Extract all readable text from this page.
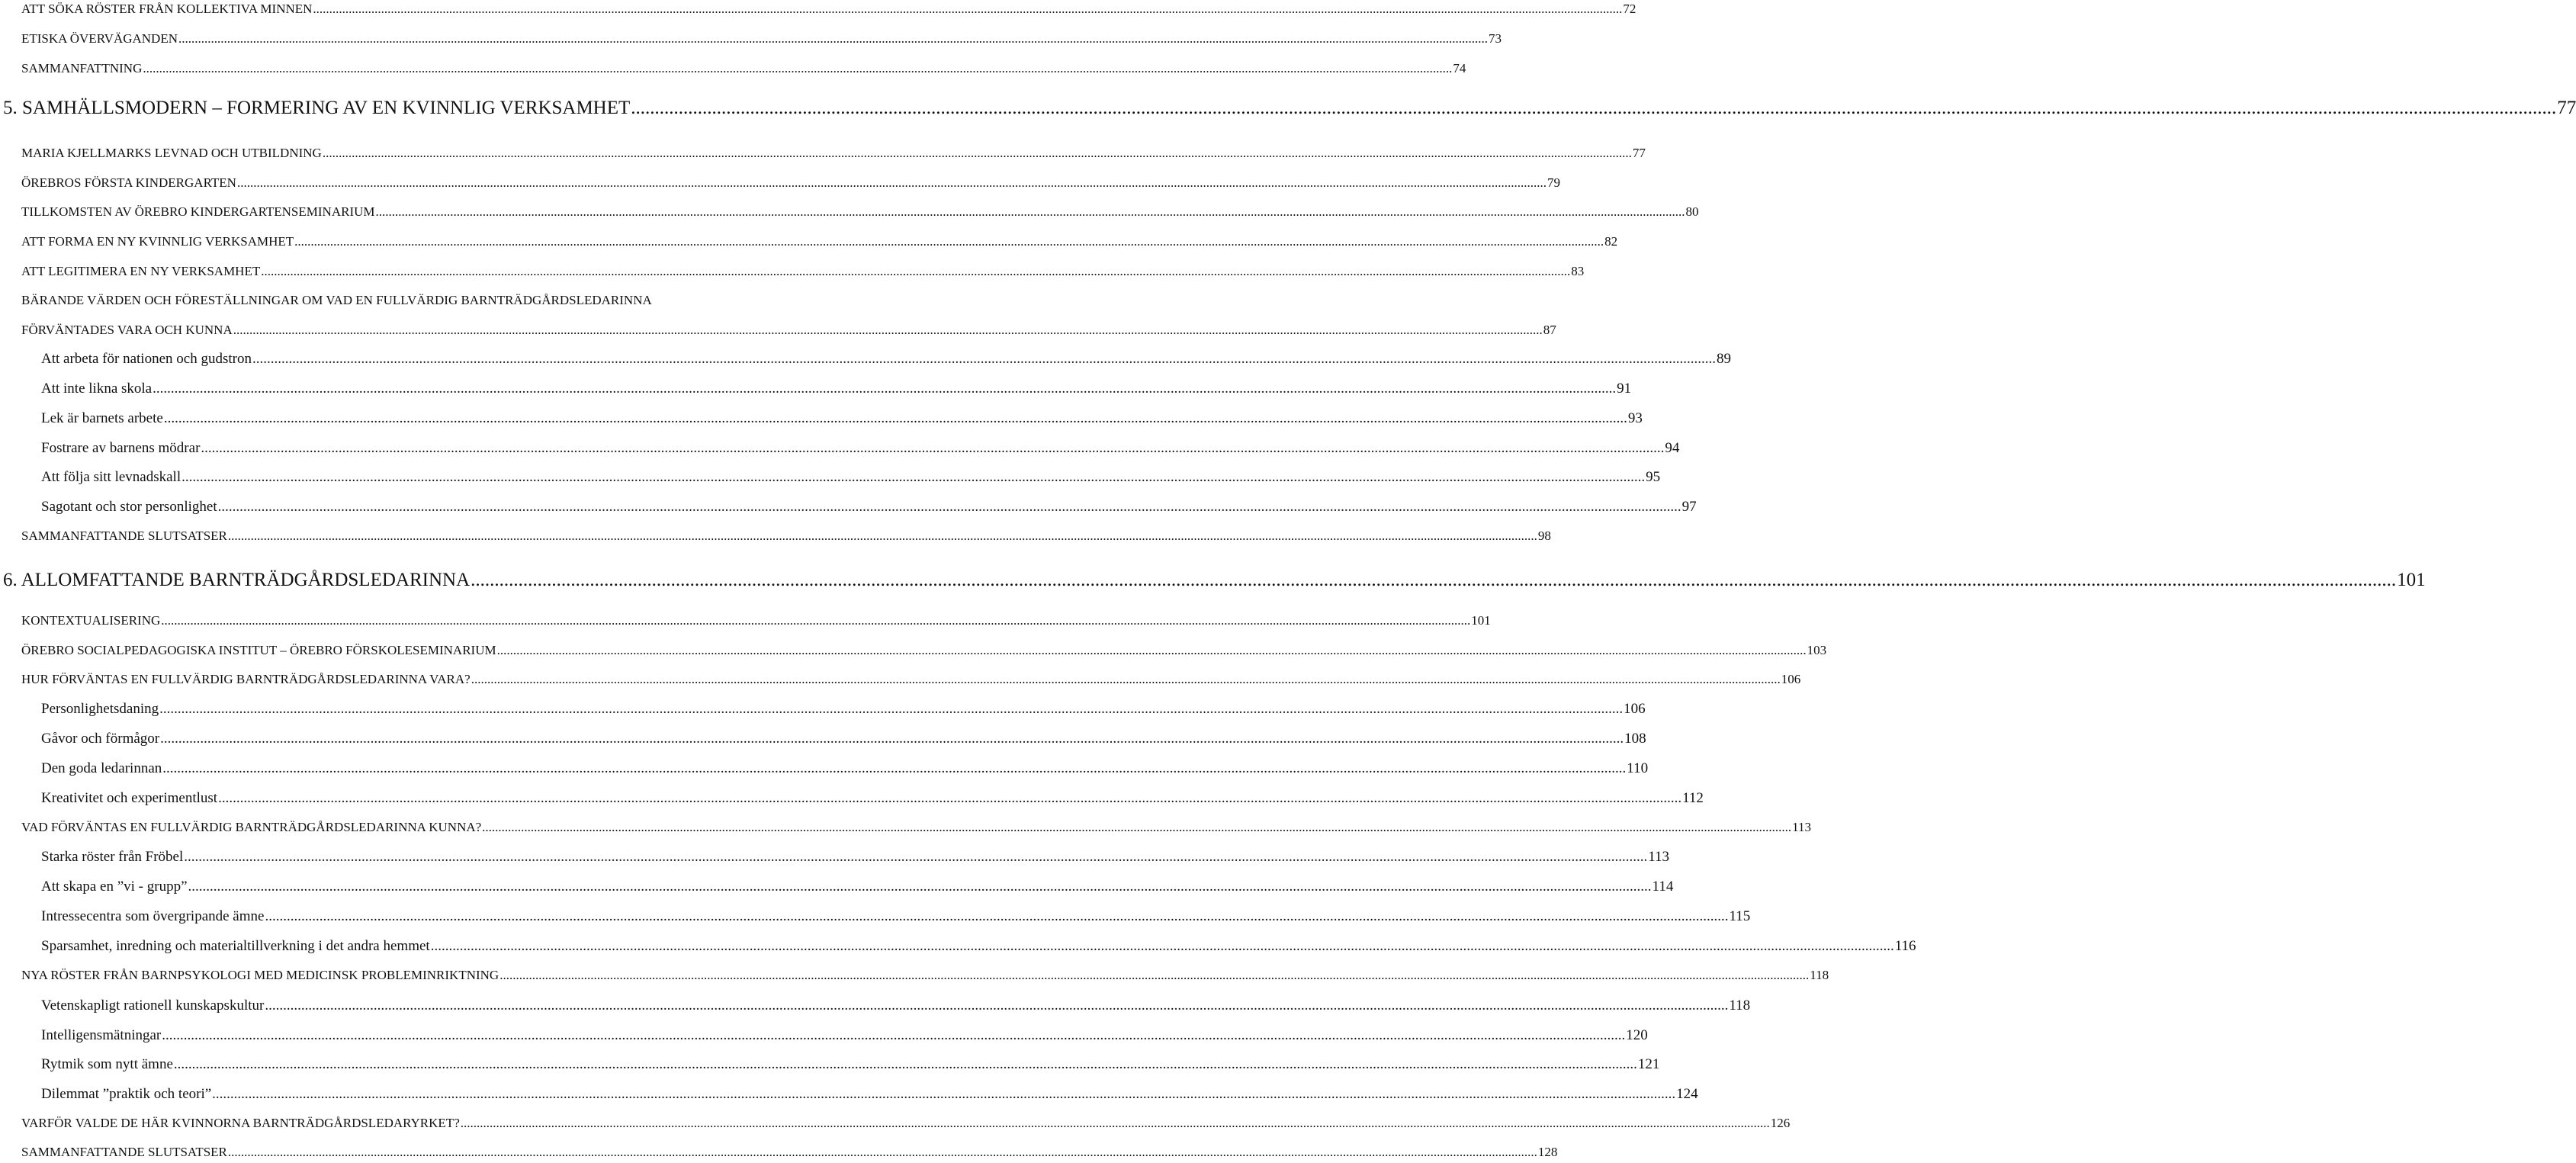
ATT SÖKA RÖSTER FRÅN KOLLEKTIVA MINNEN .....	72
ETISKA ÖVERVÄGANDEN .....	73
SAMMANFATTNING .....	74
5. SAMHÄLLSMODERN – FORMERING AV EN KVINNLIG VERKSAMHET .....	77
MARIA KJELLMARKS LEVNAD OCH UTBILDNING .....	77
ÖREBROS FÖRSTA KINDERGARTEN .....	79
TILLKOMSTEN AV ÖREBRO KINDERGARTENSEMINARIUM .....	80
ATT FORMA EN NY KVINNLIG VERKSAMHET .....	82
ATT LEGITIMERA EN NY VERKSAMHET .....	83
BÄRANDE VÄRDEN OCH FÖRESTÄLLNINGAR OM VAD EN FULLVÄRDIG BARNTRÄDGÅRDSLEDARINNA
FÖRVÄNTADES VARA OCH KUNNA .....	87
Att arbeta för nationen och gudstron .....	89
Att inte likna skola .....	91
Lek är barnets arbete .....	93
Fostrare av barnens mödrar .....	94
Att följa sitt levnadskall .....	95
Sagotant och stor personlighet .....	97
SAMMANFATTANDE SLUTSATSER .....	98
6. ALLOMFATTANDE BARNTRÄDGÅRDSLEDARINNA .....	101
KONTEXTUALISERING .....	101
ÖREBRO SOCIALPEDAGOGISKA INSTITUT – ÖREBRO FÖRSKOLESEMINARIUM .....	103
HUR FÖRVÄNTAS EN FULLVÄRDIG BARNTRÄDGÅRDSLEDARINNA VARA? .....	106
Personlighetsdaning .....	106
Gåvor och förmågor .....	108
Den goda ledarinnan .....	110
Kreativitet och experimentlust .....	112
VAD FÖRVÄNTAS EN FULLVÄRDIG BARNTRÄDGÅRDSLEDARINNA KUNNA? .....	113
Starka röster från Fröbel .....	113
Att skapa en ”vi - grupp” .....	114
Intressecentra som övergripande ämne .....	115
Sparsamhet, inredning och materialtillverkning i det andra hemmet .....	116
NYA RÖSTER FRÅN BARNPSYKOLOGI MED MEDICINSK PROBLEMINRIKTNING .....	118
Vetenskapligt rationell kunskapskultur .....	118
Intelligensmätningar .....	120
Rytmik som nytt ämne .....	121
Dilemmat ”praktik och teori” .....	124
VARFÖR VALDE DE HÄR KVINNORNA BARNTRÄDGÅRDSLEDARYRKET? .....	126
SAMMANFATTANDE SLUTSATSER .....	128
